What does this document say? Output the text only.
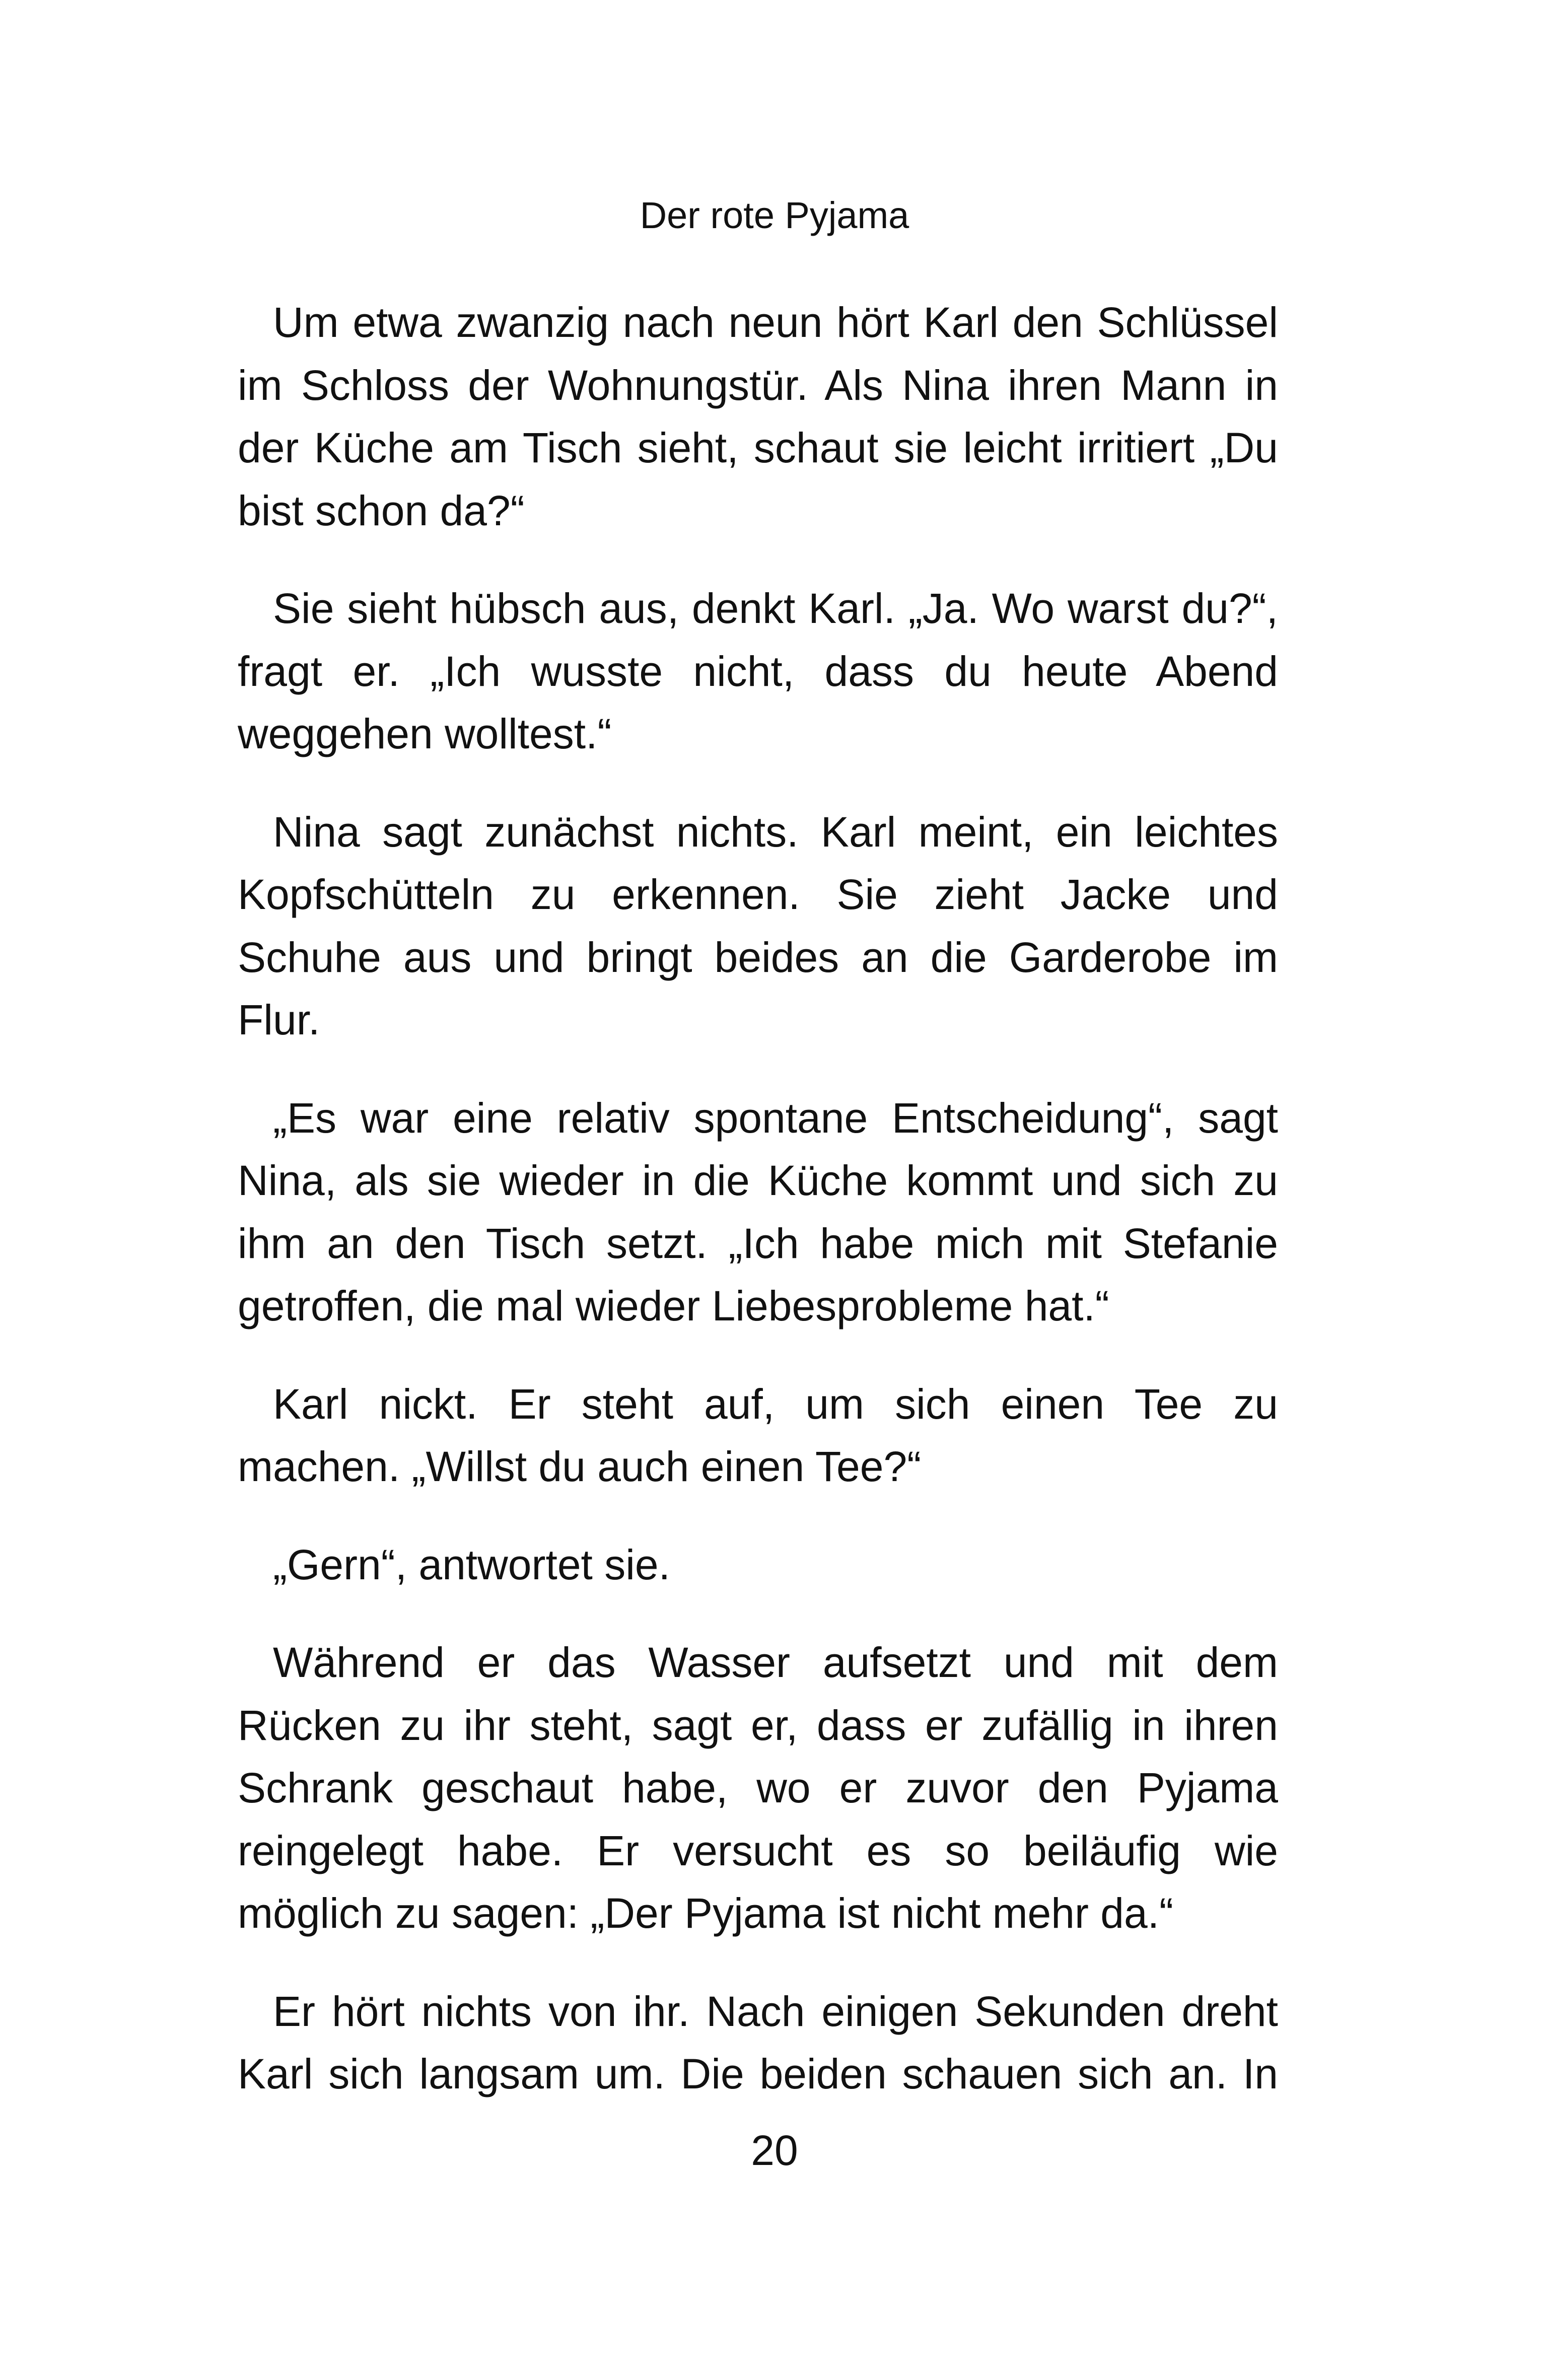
Der rote Pyjama

Um etwa zwanzig nach neun hört Karl den Schlüssel im Schloss der Wohnungstür. Als Nina ihren Mann in der Küche am Tisch sieht, schaut sie leicht irritiert „Du bist schon da?“

Sie sieht hübsch aus, denkt Karl. „Ja. Wo warst du?“, fragt er. „Ich wusste nicht, dass du heute Abend weggehen wolltest.“

Nina sagt zunächst nichts. Karl meint, ein leichtes Kopfschütteln zu erkennen. Sie zieht Jacke und Schuhe aus und bringt beides an die Garderobe im Flur.

„Es war eine relativ spontane Entscheidung“, sagt Nina, als sie wieder in die Küche kommt und sich zu ihm an den Tisch setzt. „Ich habe mich mit Stefanie getroffen, die mal wieder Liebesprobleme hat.“

Karl nickt. Er steht auf, um sich einen Tee zu machen. „Willst du auch einen Tee?“

„Gern“, antwortet sie.

Während er das Wasser aufsetzt und mit dem Rücken zu ihr steht, sagt er, dass er zufällig in ihren Schrank geschaut habe, wo er zuvor den Pyjama reingelegt habe. Er versucht es so beiläufig wie möglich zu sagen: „Der Pyjama ist nicht mehr da.“

Er hört nichts von ihr. Nach einigen Sekunden dreht Karl sich langsam um. Die beiden schauen sich an. In

20
